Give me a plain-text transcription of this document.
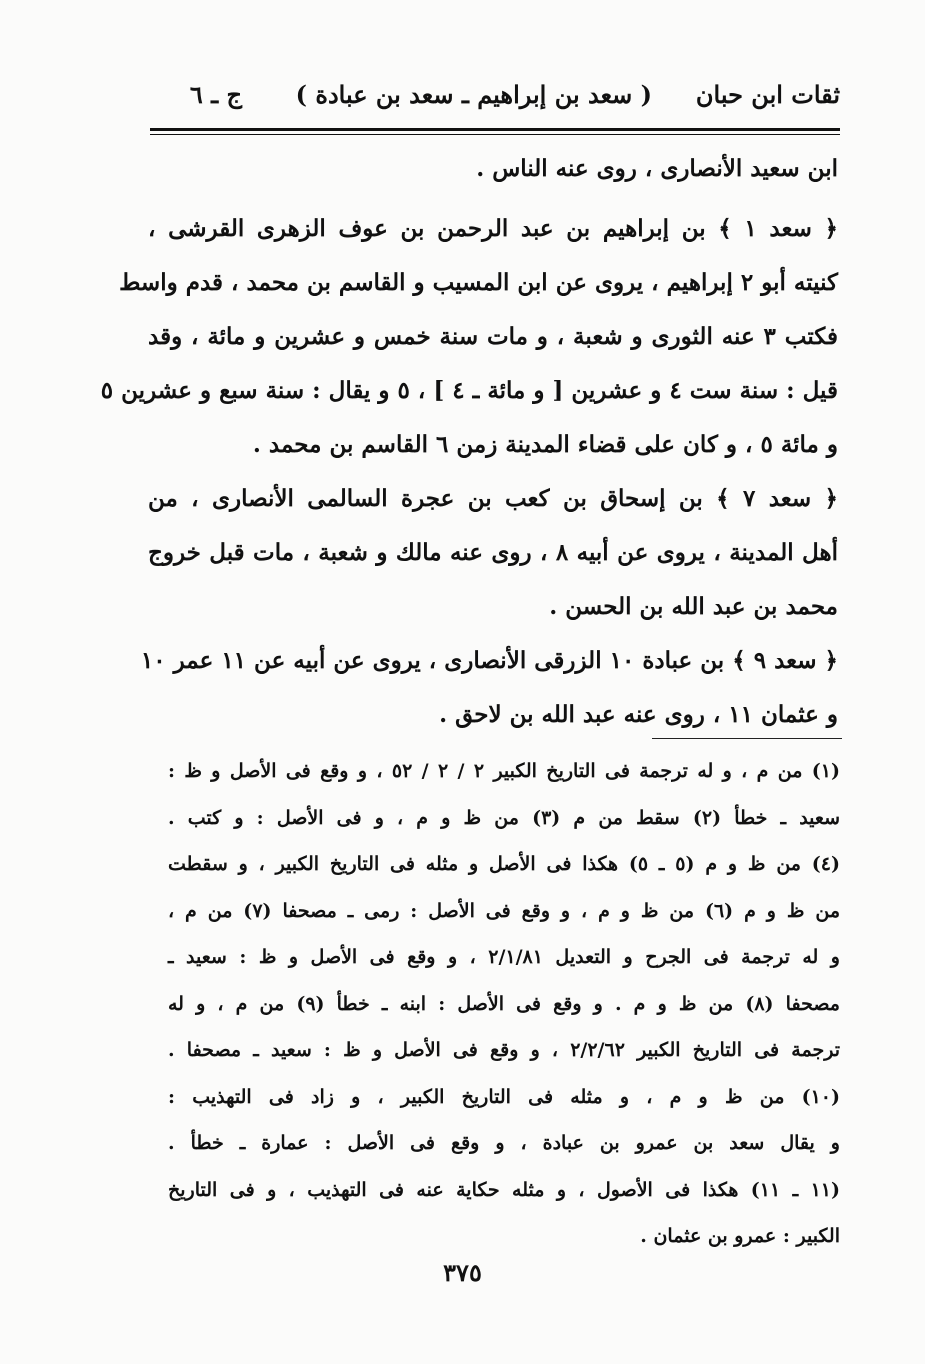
ثقات ابن حبان
( سعد بن إبراهيم ـ سعد بن عبادة )
ج ـ ٦
ابن سعيد الأنصارى ، روى عنه الناس .
﴿ سعد ١ ﴾ بن إبراهيم بن عبد الرحمن بن عوف الزهرى القرشى ،
كنيته أبو ٢ إبراهيم ، يروى عن ابن المسيب و القاسم بن محمد ، قدم واسط
فكتب ٣ عنه الثورى و شعبة ، و مات سنة خمس و عشرين و مائة ، وقد
قيل : سنة ست ٤ و عشرين [ و مائة ـ ٤ ] ، ٥ و يقال : سنة سبع و عشرين ٥
و مائة ٥ ، و كان على قضاء المدينة زمن ٦ القاسم بن محمد .
﴿ سعد ٧ ﴾ بن إسحاق بن كعب بن عجرة السالمى الأنصارى ، من
أهل المدينة ، يروى عن أبيه ٨ ، روى عنه مالك و شعبة ، مات قبل خروج
محمد بن عبد الله بن الحسن .
﴿ سعد ٩ ﴾ بن عبادة ١٠ الزرقى الأنصارى ، يروى عن أبيه عن ١١ عمر ١٠
و عثمان ١١ ، روى عنه عبد الله بن لاحق .
(١) من م ، و له ترجمة فى التاريخ الكبير ٢ / ٢ / ٥٢ ، و وقع فى الأصل و ظ :
سعيد ـ خطأ (٢) سقط من م (٣) من ظ و م ، و فى الأصل : و كتب .
(٤) من ظ و م (٥ ـ ٥) هكذا فى الأصل و مثله فى التاريخ الكبير ، و سقطت
من ظ و م (٦) من ظ و م ، و وقع فى الأصل : رمى ـ مصحفا (٧) من م ،
و له ترجمة فى الجرح و التعديل ٢/١/٨١ ، و وقع فى الأصل و ظ : سعيد ـ
مصحفا (٨) من ظ و م . و وقع فى الأصل : ابنه ـ خطأ (٩) من م ، و له
ترجمة فى التاريخ الكبير ٢/٢/٦٢ ، و وقع فى الأصل و ظ : سعيد ـ مصحفا .
(١٠) من ظ و م ، و مثله فى التاريخ الكبير ، و زاد فى التهذيب :
و يقال سعد بن عمرو بن عبادة ، و وقع فى الأصل : عمارة ـ خطأ .
(١١ ـ ١١) هكذا فى الأصول ، و مثله حكاية عنه فى التهذيب ، و فى التاريخ
الكبير : عمرو بن عثمان .
٣٧٥
